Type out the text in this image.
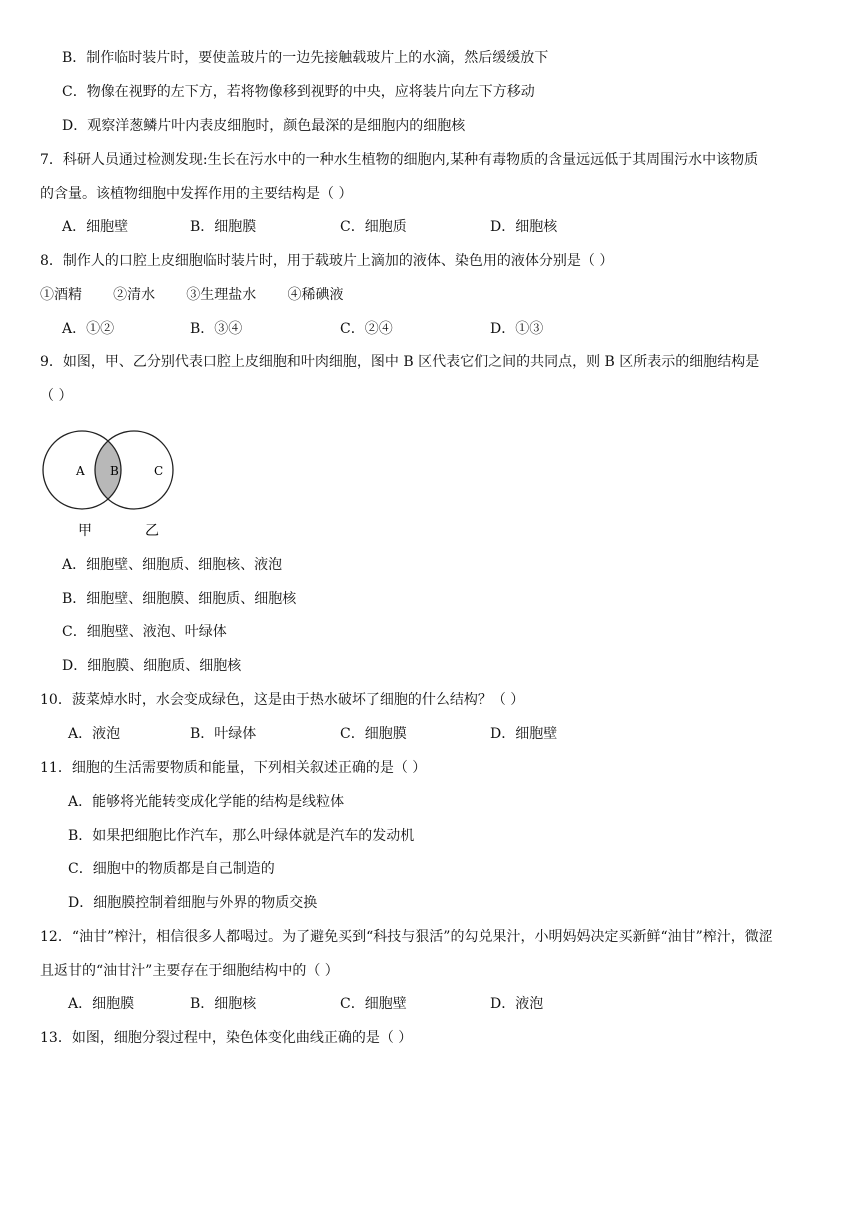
B．制作临时装片时，要使盖玻片的一边先接触载玻片上的水滴，然后缓缓放下
C．物像在视野的左下方，若将物像移到视野的中央，应将装片向左下方移动
D．观察洋葱鳞片叶内表皮细胞时，颜色最深的是细胞内的细胞核
7．科研人员通过检测发现:生长在污水中的一种水生植物的细胞内,某种有毒物质的含量远远低于其周围污水中该物质
的含量。该植物细胞中发挥作用的主要结构是（ ）
A．细胞壁	B．细胞膜	C．细胞质	D．细胞核
8．制作人的口腔上皮细胞临时装片时，用于载玻片上滴加的液体、染色用的液体分别是（ ）
①酒精       ②清水       ③生理盐水       ④稀碘液
A．①②	B．③④	C．②④	D．①③
9．如图，甲、乙分别代表口腔上皮细胞和叶肉细胞，图中 B 区代表它们之间的共同点，则 B 区所表示的细胞结构是
（ ）
A B	C
甲	乙
A．细胞壁、细胞质、细胞核、液泡
B．细胞壁、细胞膜、细胞质、细胞核
C．细胞壁、液泡、叶绿体
D．细胞膜、细胞质、细胞核
10．菠菜焯水时，水会变成绿色，这是由于热水破坏了细胞的什么结构？（ ）
A．液泡	B．叶绿体	C．细胞膜	D．细胞壁
11．细胞的生活需要物质和能量，下列相关叙述正确的是（ ）
A．能够将光能转变成化学能的结构是线粒体
B．如果把细胞比作汽车，那么叶绿体就是汽车的发动机
C．细胞中的物质都是自己制造的
D．细胞膜控制着细胞与外界的物质交换
12．“油甘”榨汁，相信很多人都喝过。为了避免买到“科技与狠活”的勾兑果汁，小明妈妈决定买新鲜“油甘”榨汁，微涩
且返甘的“油甘汁”主要存在于细胞结构中的（ ）
A．细胞膜	B．细胞核	C．细胞壁	D．液泡
13．如图，细胞分裂过程中，染色体变化曲线正确的是（ ）
